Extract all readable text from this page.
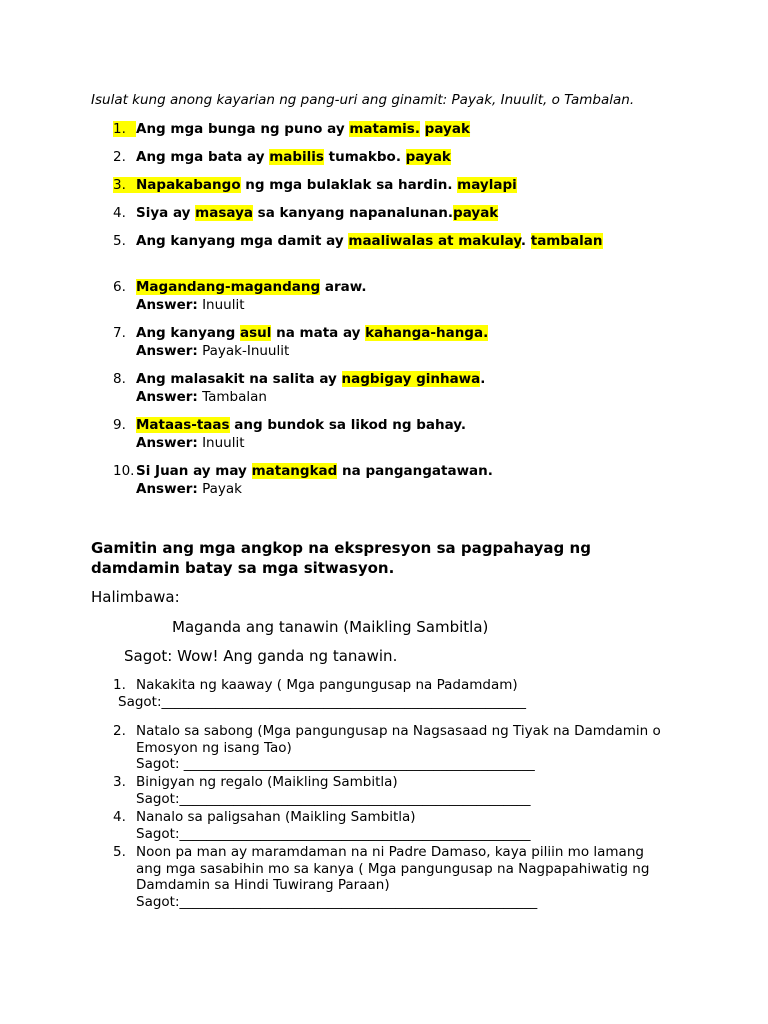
Isulat kung anong kayarian ng pang-uri ang ginamit: Payak, Inuulit, o Tambalan.
1. Ang mga bunga ng puno ay matamis. payak
2. Ang mga bata ay mabilis tumakbo. payak
3. Napakabango ng mga bulaklak sa hardin. maylapi
4. Siya ay masaya sa kanyang napanalunan.payak
5. Ang kanyang mga damit ay maaliwalas at makulay. tambalan
6. Magandang-magandang araw.
Answer: Inuulit
7. Ang kanyang asul na mata ay kahanga-hanga.
Answer: Payak-Inuulit
8. Ang malasakit na salita ay nagbigay ginhawa.
Answer: Tambalan
9. Mataas-taas ang bundok sa likod ng bahay.
Answer: Inuulit
10. Si Juan ay may matangkad na pangangatawan.
Answer: Payak
Gamitin ang mga angkop na ekspresyon sa pagpahayag ng damdamin batay sa mga sitwasyon.
Halimbawa:
Maganda ang tanawin (Maikling Sambitla)
Sagot: Wow! Ang ganda ng tanawin.
1. Nakakita ng kaaway ( Mga pangungusap na Padamdam)
Sagot:______________________________________________________
2. Natalo sa sabong (Mga pangungusap na Nagsasaad ng Tiyak na Damdamin o
Emosyon ng isang Tao)
Sagot: ____________________________________________________
3. Binigyan ng regalo (Maikling Sambitla)
Sagot:____________________________________________________
4. Nanalo sa paligsahan (Maikling Sambitla)
Sagot:____________________________________________________
5. Noon pa man ay maramdaman na ni Padre Damaso, kaya piliin mo lamang
ang mga sasabihin mo sa kanya ( Mga pangungusap na Nagpapahiwatig ng
Damdamin sa Hindi Tuwirang Paraan)
Sagot:_____________________________________________________
